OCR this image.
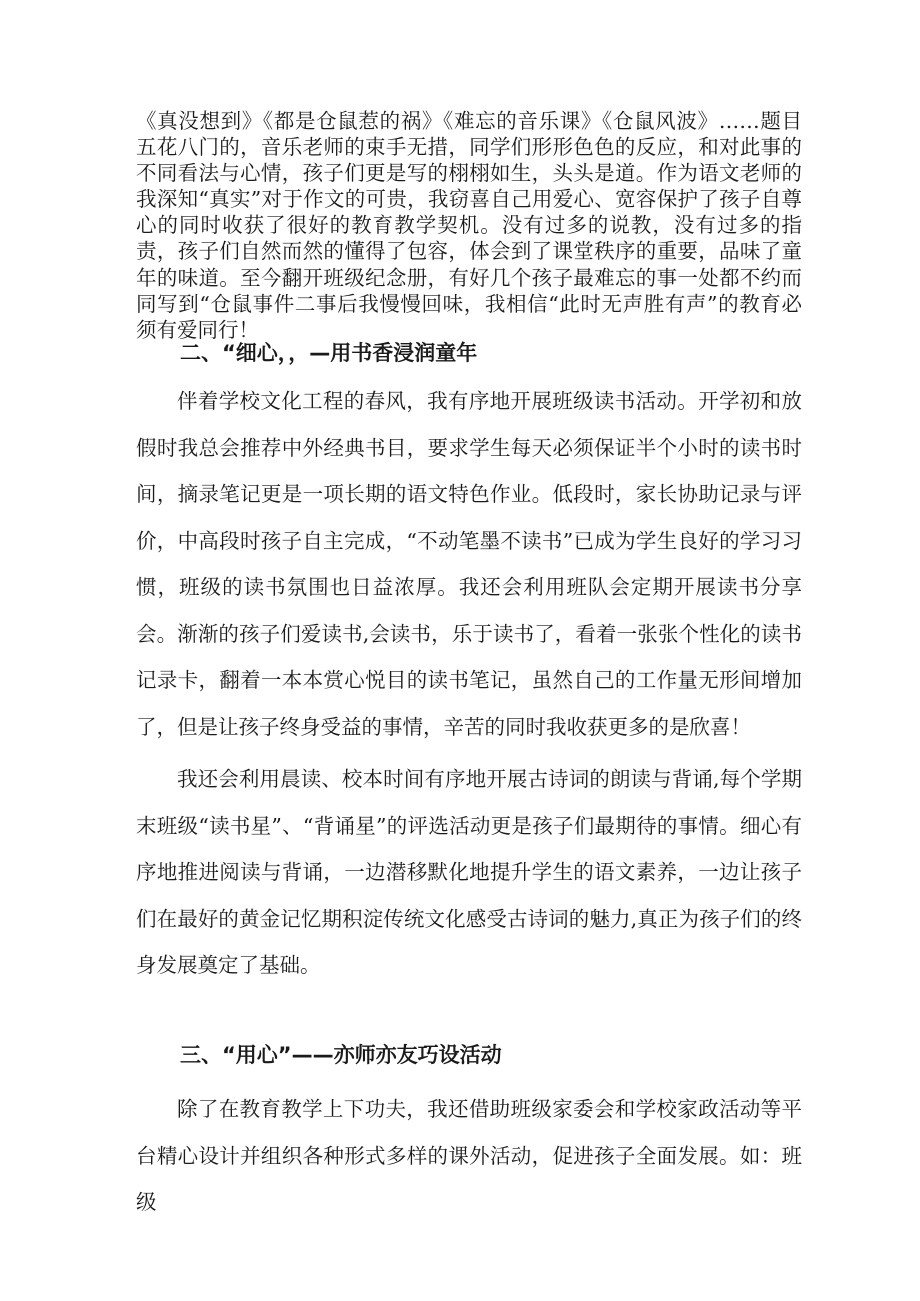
《真没想到》《都是仓鼠惹的祸》《难忘的音乐课》《仓鼠风波》……题目五花八门的，音乐老师的束手无措，同学们形形色色的反应，和对此事的不同看法与心情，孩子们更是写的栩栩如生，头头是道。作为语文老师的我深知“真实”对于作文的可贵，我窃喜自己用爱心、宽容保护了孩子自尊心的同时收获了很好的教育教学契机。没有过多的说教，没有过多的指责，孩子们自然而然的懂得了包容，体会到了课堂秩序的重要，品味了童年的味道。至今翻开班级纪念册，有好几个孩子最难忘的事一处都不约而同写到“仓鼠事件二事后我慢慢回味，我相信“此时无声胜有声”的教育必须有爱同行！

二、“细心，，—用书香浸润童年

伴着学校文化工程的春风，我有序地开展班级读书活动。开学初和放假时我总会推荐中外经典书目，要求学生每天必须保证半个小时的读书时间，摘录笔记更是一项长期的语文特色作业。低段时，家长协助记录与评价，中高段时孩子自主完成，“不动笔墨不读书”已成为学生良好的学习习惯，班级的读书氛围也日益浓厚。我还会利用班队会定期开展读书分享会。渐渐的孩子们爱读书,会读书，乐于读书了，看着一张张个性化的读书记录卡，翻着一本本赏心悦目的读书笔记，虽然自己的工作量无形间增加了，但是让孩子终身受益的事情，辛苦的同时我收获更多的是欣喜！

我还会利用晨读、校本时间有序地开展古诗词的朗读与背诵,每个学期末班级“读书星”、“背诵星”的评选活动更是孩子们最期待的事情。细心有序地推进阅读与背诵，一边潜移默化地提升学生的语文素养，一边让孩子们在最好的黄金记忆期积淀传统文化感受古诗词的魅力,真正为孩子们的终身发展奠定了基础。

三、“用心”——亦师亦友巧设活动

除了在教育教学上下功夫，我还借助班级家委会和学校家政活动等平台精心设计并组织各种形式多样的课外活动，促进孩子全面发展。如：班级
